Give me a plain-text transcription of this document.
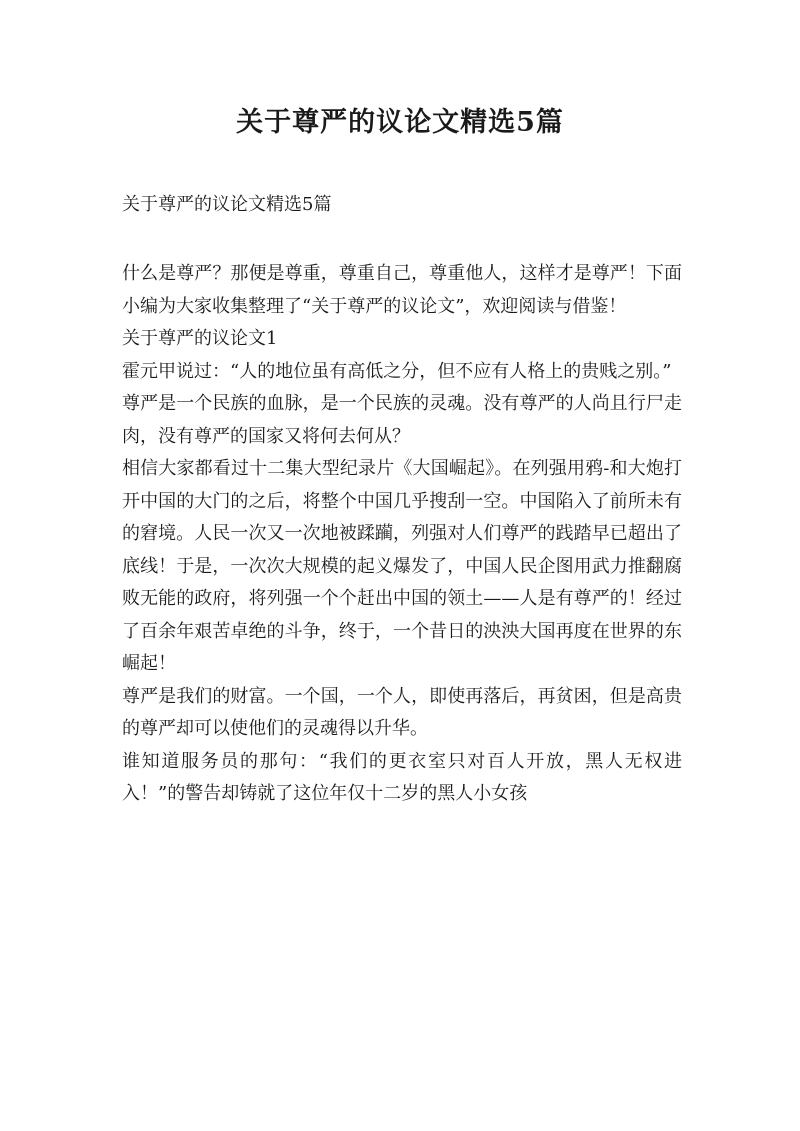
关于尊严的议论文精选5篇

关于尊严的议论文精选5篇

什么是尊严？那便是尊重，尊重自己，尊重他人，这样才是尊严！下面小编为大家收集整理了“关于尊严的议论文”，欢迎阅读与借鉴！

关于尊严的议论文1

霍元甲说过：“人的地位虽有高低之分，但不应有人格上的贵贱之别。”

尊严是一个民族的血脉，是一个民族的灵魂。没有尊严的人尚且行尸走肉，没有尊严的国家又将何去何从？

相信大家都看过十二集大型纪录片《大国崛起》。在列强用鸦-和大炮打开中国的大门的之后，将整个中国几乎搜刮一空。中国陷入了前所未有的窘境。人民一次又一次地被蹂躏，列强对人们尊严的践踏早已超出了底线！于是，一次次大规模的起义爆发了，中国人民企图用武力推翻腐败无能的政府，将列强一个个赶出中国的领土——人是有尊严的！经过了百余年艰苦卓绝的斗争，终于，一个昔日的泱泱大国再度在世界的东崛起！

尊严是我们的财富。一个国，一个人，即使再落后，再贫困，但是高贵的尊严却可以使他们的灵魂得以升华。

谁知道服务员的那句：“我们的更衣室只对百人开放，黑人无权进入！”的警告却铸就了这位年仅十二岁的黑人小女孩
